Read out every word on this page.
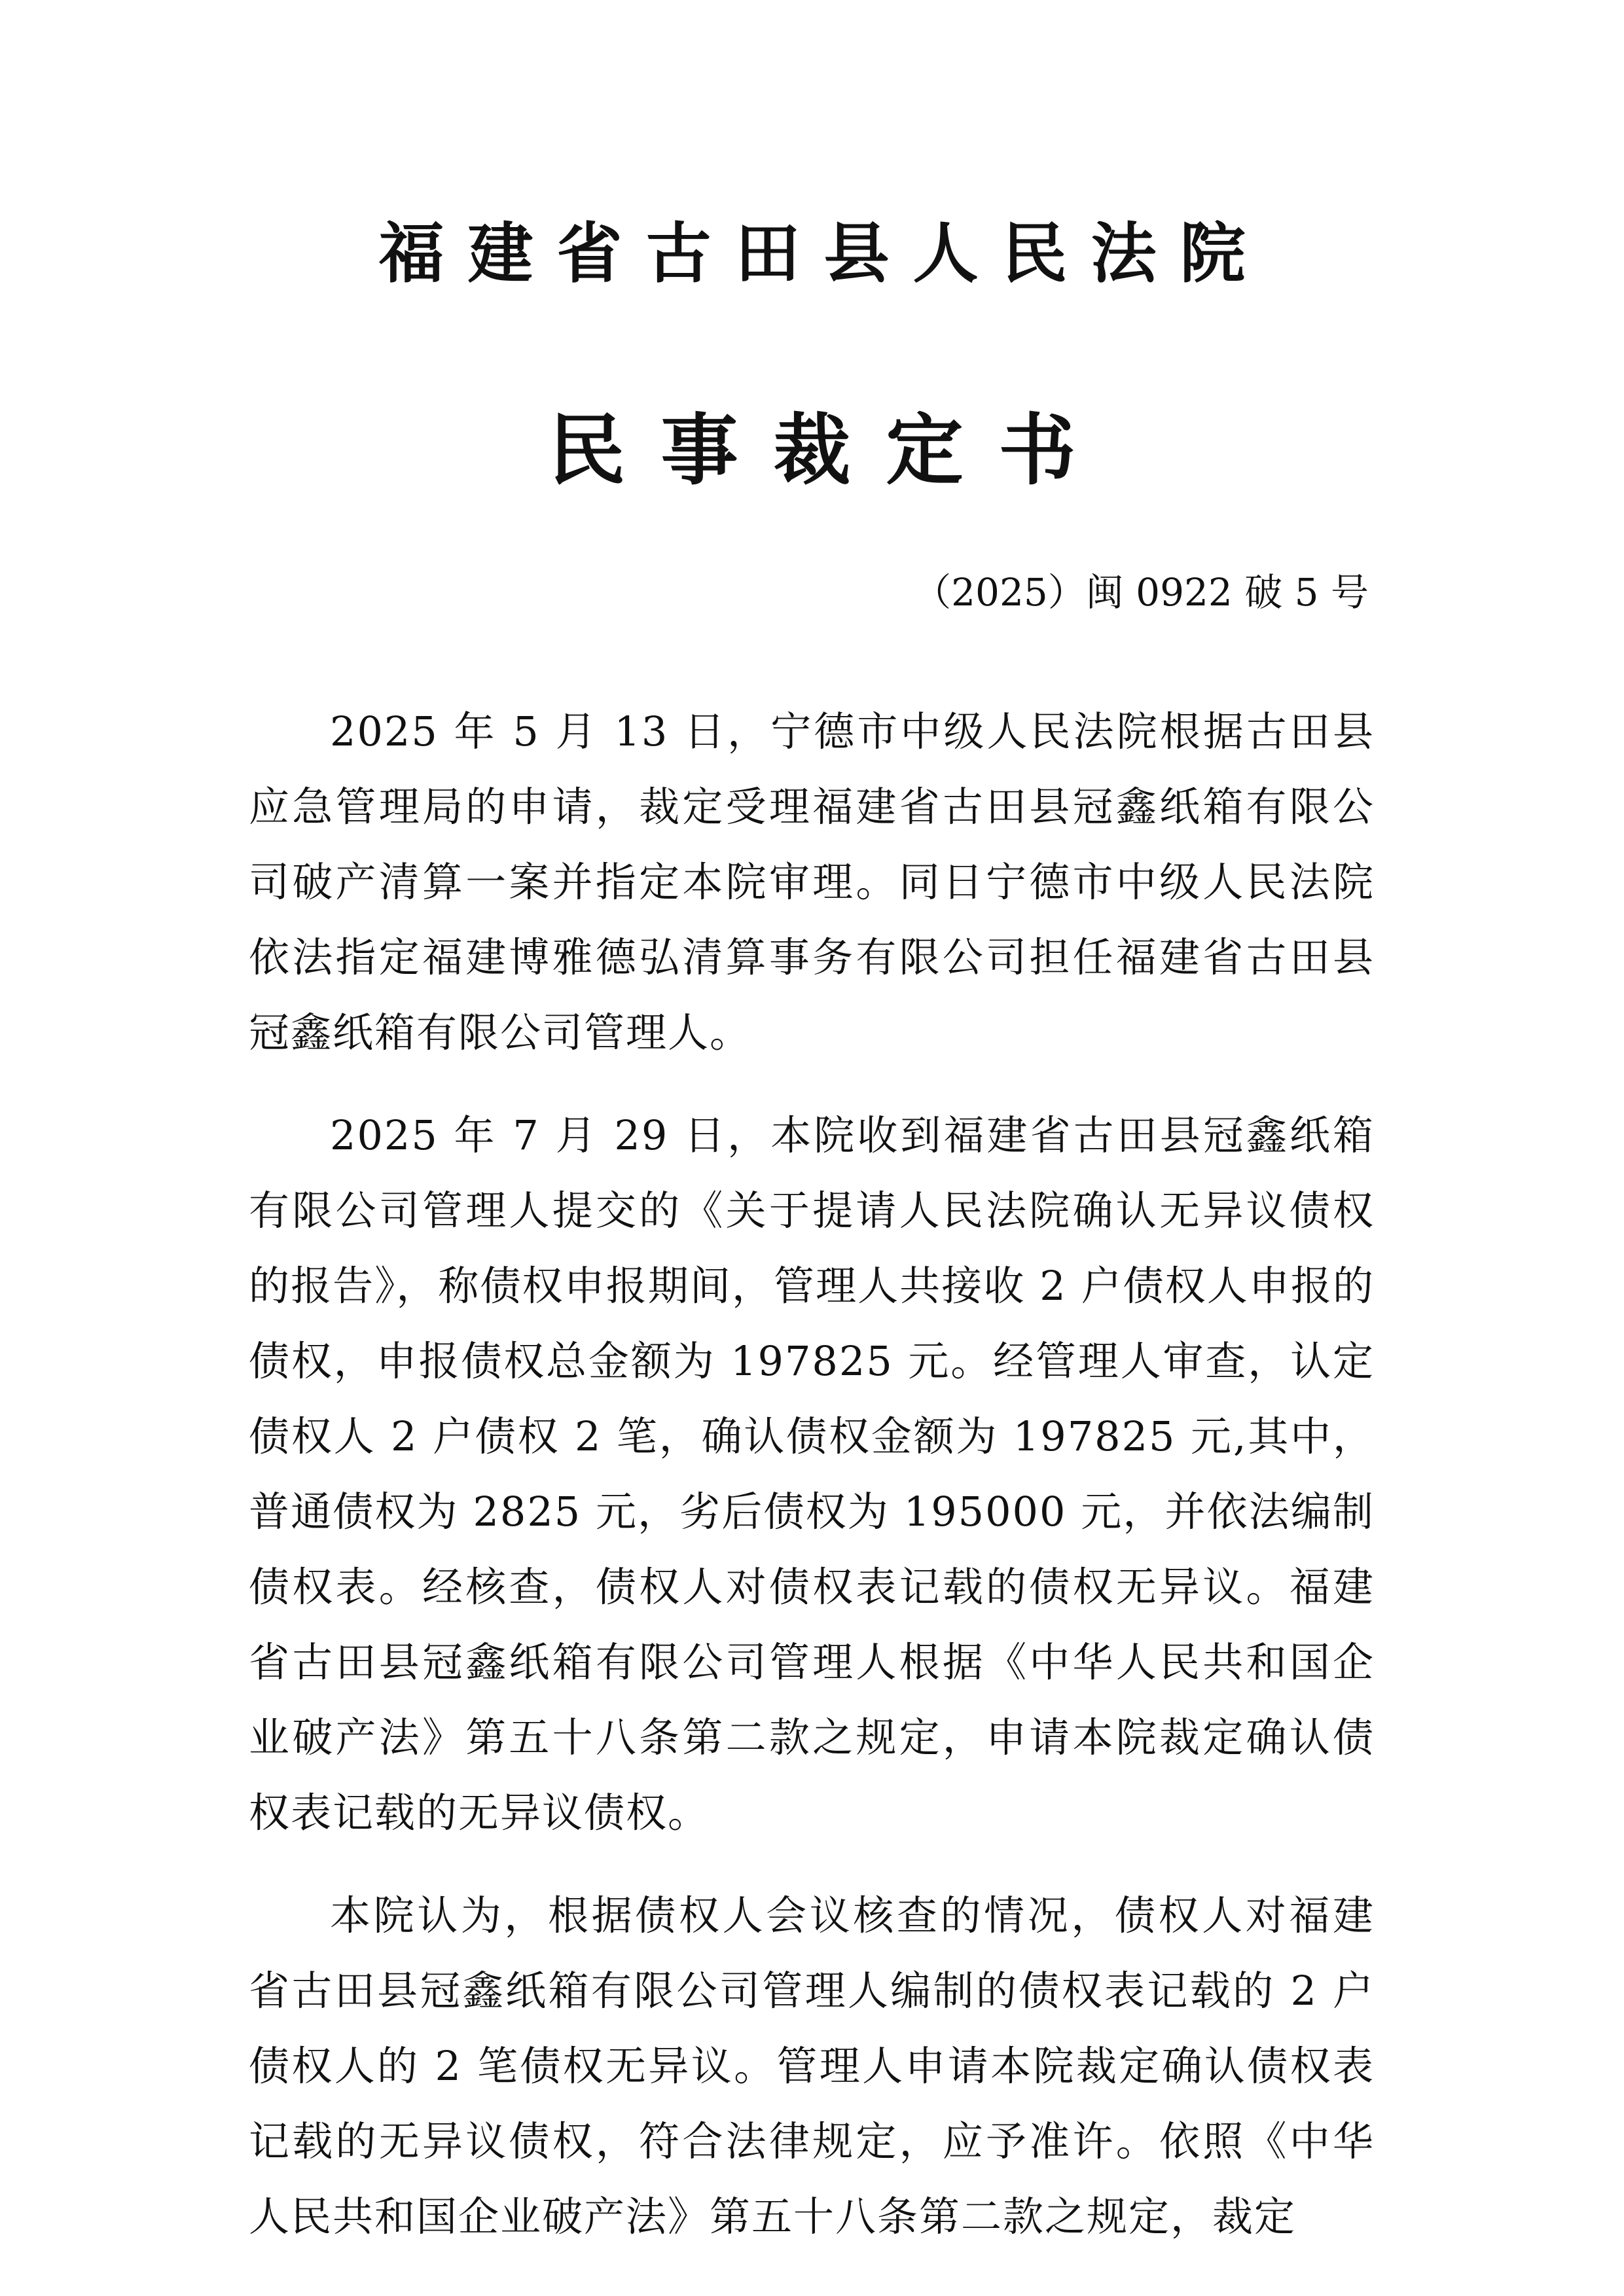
福建省古田县人民法院
民事裁定书
（2025）闽 0922 破 5 号

2025 年 5 月 13 日，宁德市中级人民法院根据古田县应急管理局的申请，裁定受理福建省古田县冠鑫纸箱有限公司破产清算一案并指定本院审理。同日宁德市中级人民法院依法指定福建博雅德弘清算事务有限公司担任福建省古田县冠鑫纸箱有限公司管理人。

2025 年 7 月 29 日，本院收到福建省古田县冠鑫纸箱有限公司管理人提交的《关于提请人民法院确认无异议债权的报告》，称债权申报期间，管理人共接收 2 户债权人申报的债权，申报债权总金额为 197825 元。经管理人审查，认定债权人 2 户债权 2 笔，确认债权金额为 197825 元,其中，普通债权为 2825 元，劣后债权为 195000 元，并依法编制债权表。经核查，债权人对债权表记载的债权无异议。福建省古田县冠鑫纸箱有限公司管理人根据《中华人民共和国企业破产法》第五十八条第二款之规定，申请本院裁定确认债权表记载的无异议债权。

本院认为，根据债权人会议核查的情况，债权人对福建省古田县冠鑫纸箱有限公司管理人编制的债权表记载的 2 户债权人的 2 笔债权无异议。管理人申请本院裁定确认债权表记载的无异议债权，符合法律规定，应予准许。依照《中华人民共和国企业破产法》第五十八条第二款之规定，裁定
